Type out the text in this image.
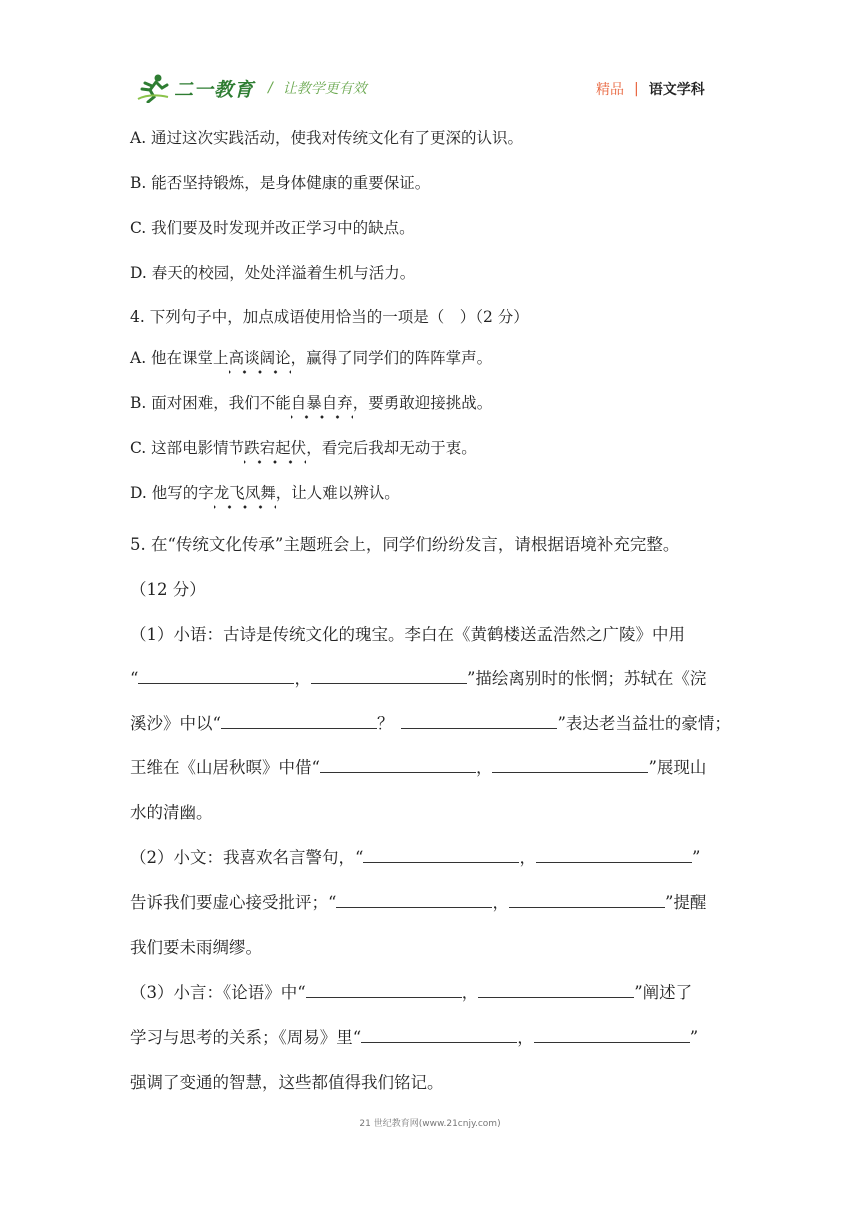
二一教育 / 让教学更有效	精品 | 语文学科
A. 通过这次实践活动，使我对传统文化有了更深的认识。
B. 能否坚持锻炼，是身体健康的重要保证。
C. 我们要及时发现并改正学习中的缺点。
D. 春天的校园，处处洋溢着生机与活力。
4. 下列句子中，加点成语使用恰当的一项是（　）（2 分）
A. 他在课堂上高谈阔论，赢得了同学们的阵阵掌声。
B. 面对困难，我们不能自暴自弃，要勇敢迎接挑战。
C. 这部电影情节跌宕起伏，看完后我却无动于衷。
D. 他写的字龙飞凤舞，让人难以辨认。
5. 在“传统文化传承”主题班会上，同学们纷纷发言，请根据语境补充完整。
（12 分）
（1）小语：古诗是传统文化的瑰宝。李白在《黄鹤楼送孟浩然之广陵》中用
“	，	”描绘离别时的怅惘；苏轼在《浣
溪沙》中以“	？	”表达老当益壮的豪情；
王维在《山居秋暝》中借“	，	”展现山
水的清幽。
（2）小文：我喜欢名言警句，“	，	”
告诉我们要虚心接受批评；“	，	”提醒
我们要未雨绸缪。
（3）小言：《论语》中“	，	”阐述了
学习与思考的关系；《周易》里“	，	”
强调了变通的智慧，这些都值得我们铭记。
21 世纪教育网(www.21cnjy.com)
